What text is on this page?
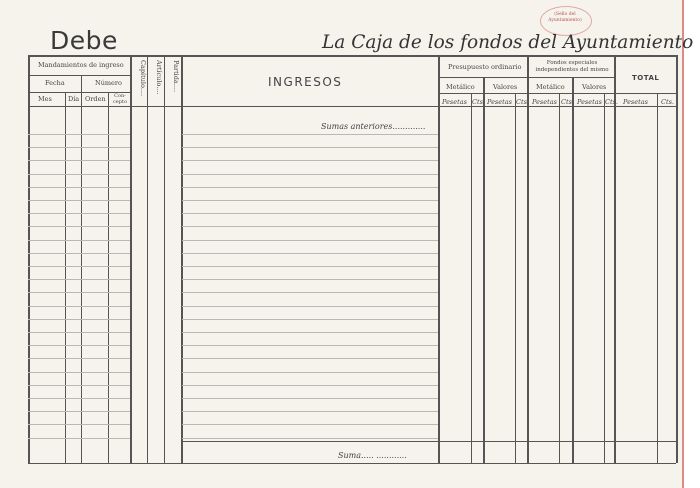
(Sello del Ayuntamiento)
Debe	La Caja de los fondos del Ayuntamiento
Mandamientos de ingreso
Fecha	Número
Mes Día Orden	Con-cepto
Capítulo.... Artículo.... Partida....	INGRESOS
Presupuesto ordinario	Fondos especiales independientes del mismo
Metálico	Valores	Metálico	Valores
TOTAL
Pesetas Cts. Pesetas Cts. Pesetas Cts. Pesetas Cts. Pesetas Cts.
Sumas anteriores.............
Suma..... ............
